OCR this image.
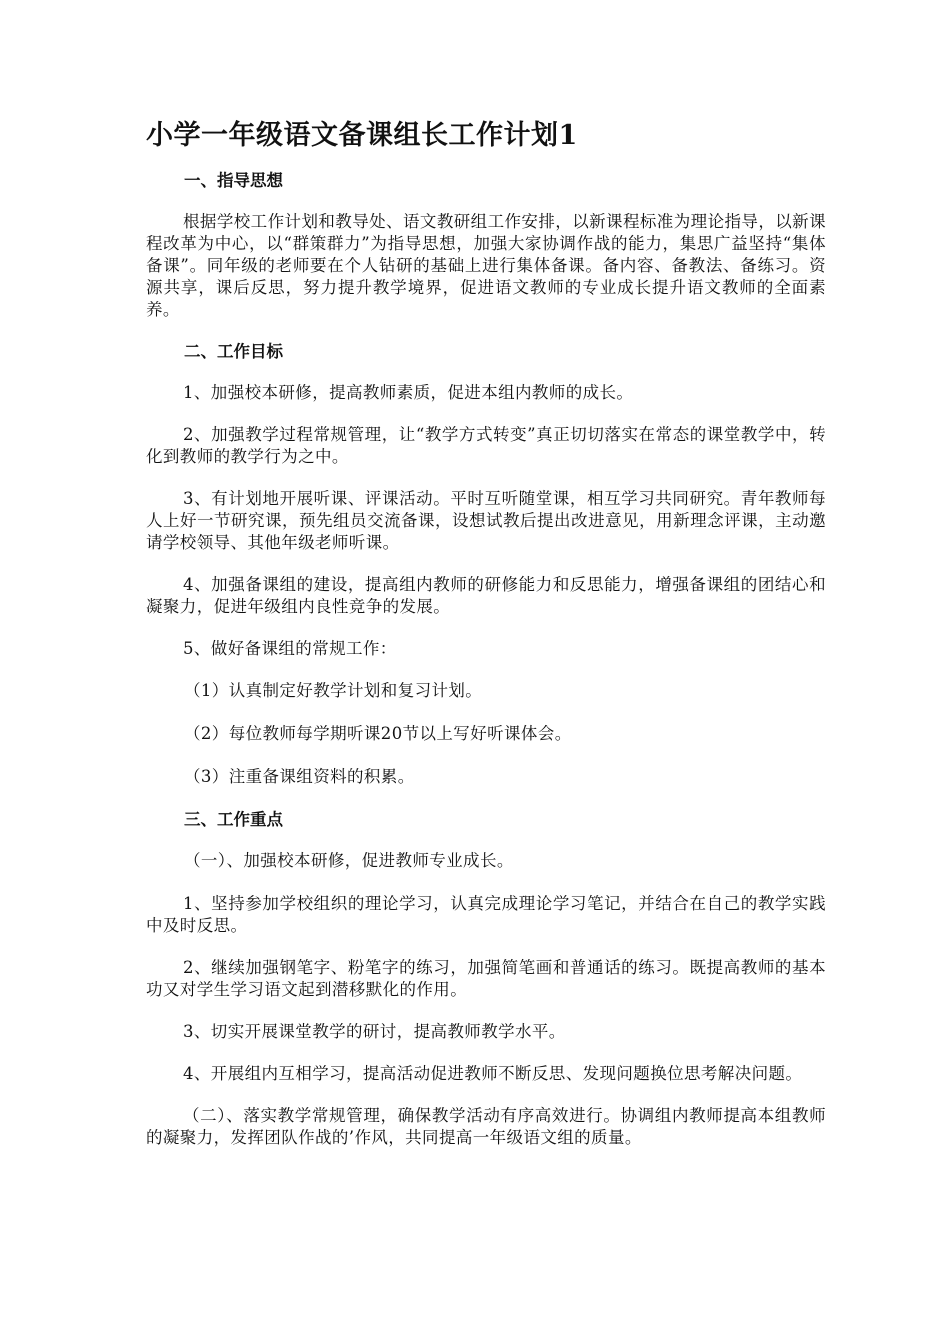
小学一年级语文备课组长工作计划1
一、指导思想

根据学校工作计划和教导处、语文教研组工作安排，以新课程标准为理论指导，以新课程改革为中心，以“群策群力”为指导思想，加强大家协调作战的能力，集思广益坚持“集体备课”。同年级的老师要在个人钻研的基础上进行集体备课。备内容、备教法、备练习。资源共享，课后反思，努力提升教学境界，促进语文教师的专业成长提升语文教师的全面素养。

二、工作目标

1、加强校本研修，提高教师素质，促进本组内教师的成长。

2、加强教学过程常规管理，让“教学方式转变”真正切切落实在常态的课堂教学中，转化到教师的教学行为之中。

3、有计划地开展听课、评课活动。平时互听随堂课，相互学习共同研究。青年教师每人上好一节研究课，预先组员交流备课，设想试教后提出改进意见，用新理念评课，主动邀请学校领导、其他年级老师听课。

4、加强备课组的建设，提高组内教师的研修能力和反思能力，增强备课组的团结心和凝聚力，促进年级组内良性竞争的发展。

5、做好备课组的常规工作：

（1）认真制定好教学计划和复习计划。
（2）每位教师每学期听课20节以上写好听课体会。
（3）注重备课组资料的积累。
三、工作重点
（一）、加强校本研修，促进教师专业成长。

1、坚持参加学校组织的理论学习，认真完成理论学习笔记，并结合在自己的教学实践中及时反思。

2、继续加强钢笔字、粉笔字的练习，加强简笔画和普通话的练习。既提高教师的基本功又对学生学习语文起到潜移默化的作用。

3、切实开展课堂教学的研讨，提高教师教学水平。

4、开展组内互相学习，提高活动促进教师不断反思、发现问题换位思考解决问题。

（二）、落实教学常规管理，确保教学活动有序高效进行。协调组内教师提高本组教师的凝聚力，发挥团队作战的’作风，共同提高一年级语文组的质量。
